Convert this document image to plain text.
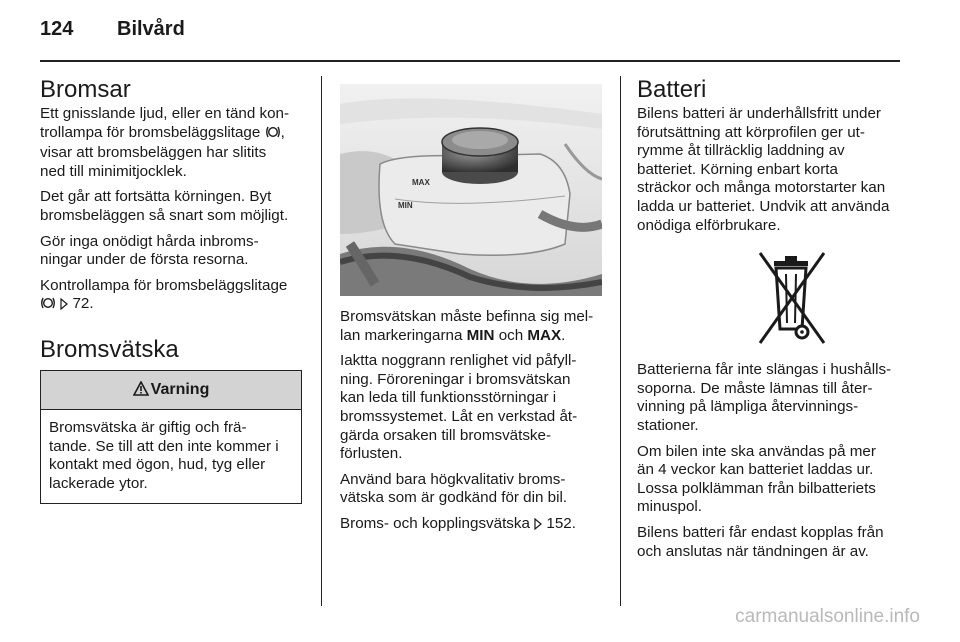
124 Bilvård
Bromsar

Ett gnisslande ljud, eller en tänd kon-
trollampa för bromsbeläggslitage ,
visar att bromsbeläggen har slitits
ned till minimitjocklek.

Det går att fortsätta körningen. Byt
bromsbeläggen så snart som möjligt.

Gör inga onödigt hårda inbroms-
ningar under de första resorna.

Kontrollampa för bromsbeläggslitage
72.

Bromsvätska
Varning
Bromsvätska är giftig och frä-
tande. Se till att den inte kommer i
kontakt med ögon, hud, tyg eller
lackerade ytor.
MAX
MIN

Bromsvätskan måste befinna sig mel-
lan markeringarna MIN och MAX.

Iaktta noggrann renlighet vid påfyll-
ning. Föroreningar i bromsvätskan
kan leda till funktionsstörningar i
bromssystemet. Låt en verkstad åt-
gärda orsaken till bromsvätske-
förlusten.

Använd bara högkvalitativ broms-
vätska som är godkänd för din bil.

Broms- och kopplingsvätska  152.

Batteri

Bilens batteri är underhållsfritt under
förutsättning att körprofilen ger ut-
rymme åt tillräcklig laddning av
batteriet. Körning enbart korta
sträckor och många motorstarter kan
ladda ur batteriet. Undvik att använda
onödiga elförbrukare.

Batterierna får inte slängas i hushålls-
soporna. De måste lämnas till åter-
vinning på lämpliga återvinnings-
stationer.

Om bilen inte ska användas på mer
än 4 veckor kan batteriet laddas ur.
Lossa polklämman från bilbatteriets
minuspol.

Bilens batteri får endast kopplas från
och anslutas när tändningen är av.

carmanualsonline.info
